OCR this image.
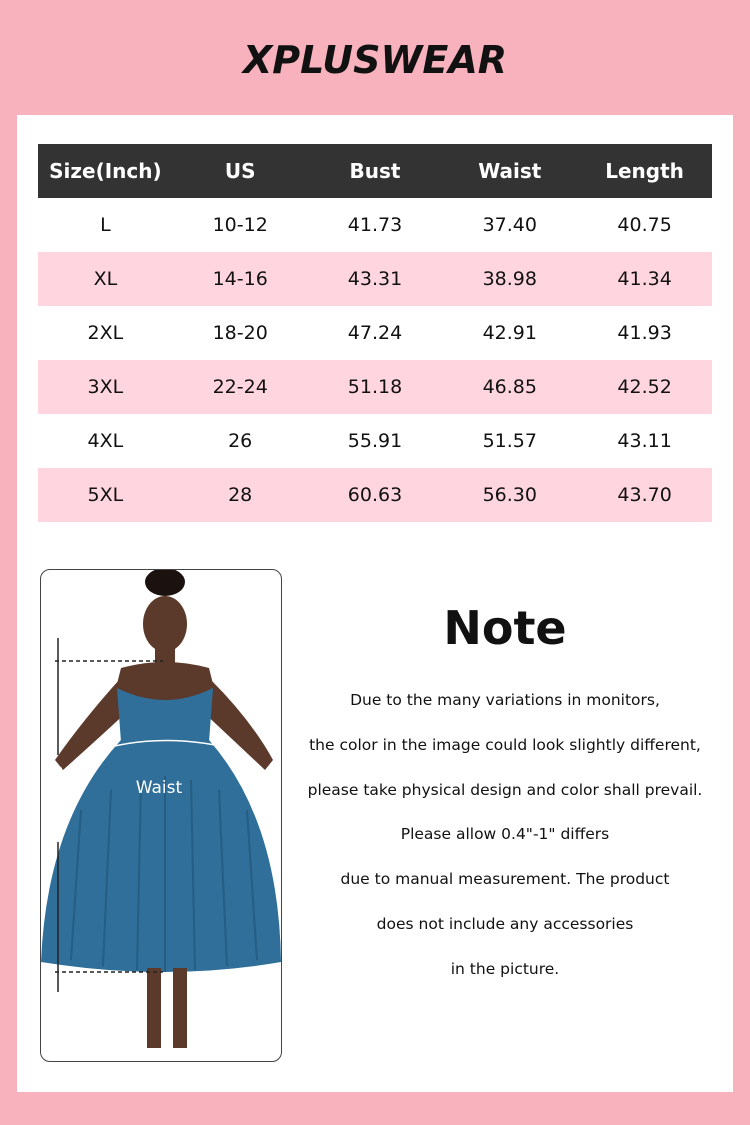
XPLUSWEAR
Size(Inch)	US	Bust	Waist	Length
L	10-12	41.73	37.40	40.75
XL	14-16	43.31	38.98	41.34
2XL	18-20	47.24	42.91	41.93
3XL	22-24	51.18	46.85	42.52
4XL	26	55.91	51.57	43.11
5XL	28	60.63	56.30	43.70
Waist
Length
Note
Due to the many variations in monitors,
the color in the image could look slightly different,
please take physical design and color shall prevail.
Please allow 0.4"-1" differs
due to manual measurement. The product
does not include any accessories
in the picture.
